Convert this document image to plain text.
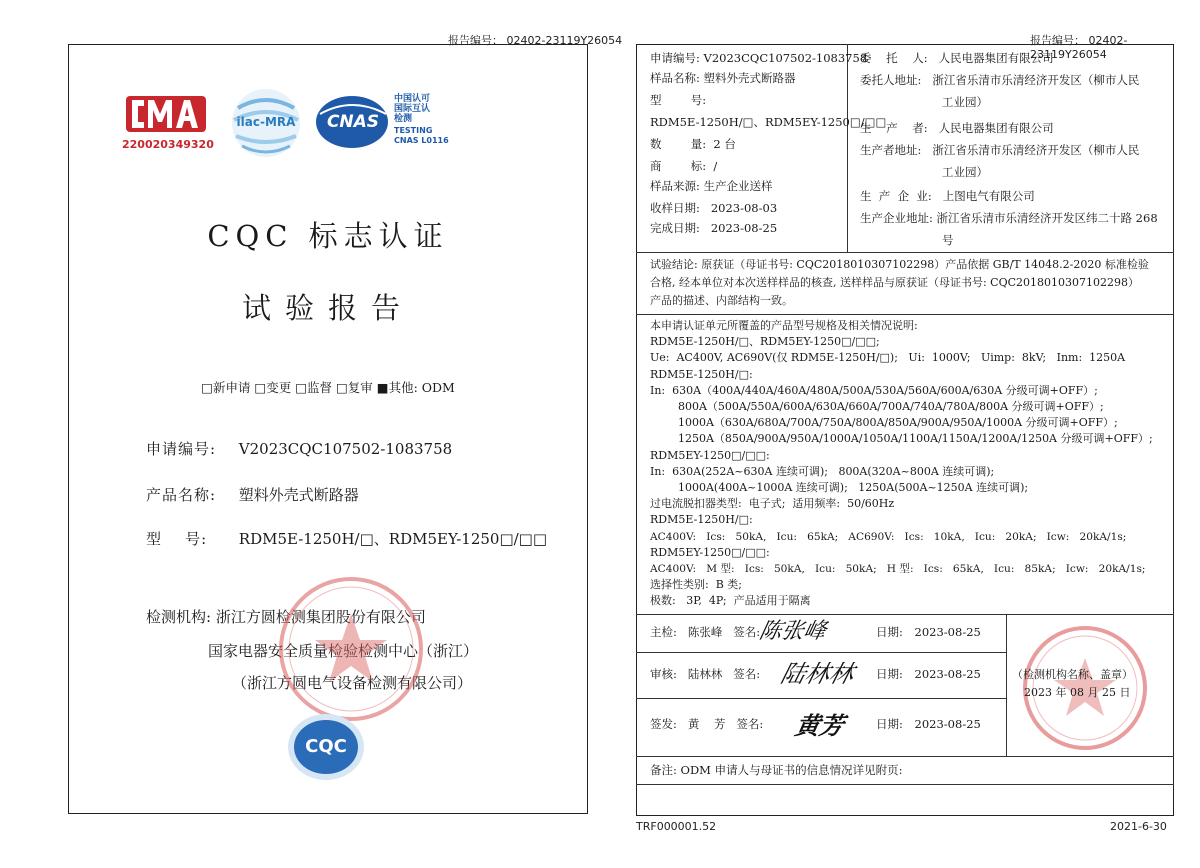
报告编号： 02402-23119Y26054
220020349320
ilac-MRA	CNAS
中国认可
国际互认
检测
TESTING
CNAS L0116
CQC 标志认证
试验报告
□新申请 □变更 □监督 □复审 ■其他: ODM
申请编号: V2023CQC107502-1083758
产品名称: 塑料外壳式断路器
型    号: RDM5E-1250H/□、RDM5EY-1250□/□□
检测机构: 浙江方圆检测集团股份有限公司
国家电器安全质量检验检测中心（浙江）
（浙江方圆电气设备检测有限公司）
CQC
报告编号： 02402-23119Y26054
申请编号: V2023CQC107502-1083758
样品名称: 塑料外壳式断路器
型        号:
RDM5E-1250H/□、RDM5EY-1250□/□□
数        量:  2 台
商        标:  /
样品来源: 生产企业送样
收样日期:   2023-08-03
完成日期:   2023-08-25
委    托    人:   人民电器集团有限公司
委托人地址:   浙江省乐清市乐清经济开发区（柳市人民
工业园）
生    产    者:   人民电器集团有限公司
生产者地址:   浙江省乐清市乐清经济开发区（柳市人民
工业园）
生  产  企  业:   上图电气有限公司
生产企业地址: 浙江省乐清市乐清经济开发区纬二十路 268
号
试验结论: 原获证（母证书号: CQC2018010307102298）产品依据 GB/T 14048.2-2020 标准检验
合格, 经本单位对本次送样样品的核查, 送样样品与原获证（母证书号: CQC2018010307102298）
产品的描述、内部结构一致。
本申请认证单元所覆盖的产品型号规格及相关情况说明:
RDM5E-1250H/□、RDM5EY-1250□/□□;
Ue:  AC400V, AC690V(仅 RDM5E-1250H/□);   Ui:  1000V;   Uimp:  8kV;   Inm:  1250A
RDM5E-1250H/□:
In:  630A（400A/440A/460A/480A/500A/530A/560A/600A/630A 分级可调+OFF）;
800A（500A/550A/600A/630A/660A/700A/740A/780A/800A 分级可调+OFF）;
1000A（630A/680A/700A/750A/800A/850A/900A/950A/1000A 分级可调+OFF）;
1250A（850A/900A/950A/1000A/1050A/1100A/1150A/1200A/1250A 分级可调+OFF）;
RDM5EY-1250□/□□:
In:  630A(252A~630A 连续可调);   800A(320A~800A 连续可调);
1000A(400A~1000A 连续可调);   1250A(500A~1250A 连续可调);
过电流脱扣器类型:  电子式;  适用频率:  50/60Hz
RDM5E-1250H/□:
AC400V:   Ics:   50kA,   Icu:   65kA;   AC690V:   Ics:   10kA,   Icu:   20kA;   Icw:   20kA/1s;
RDM5EY-1250□/□□:
AC400V:   M 型:   Ics:   50kA,   Icu:   50kA;   H 型:   Ics:   65kA,   Icu:   85kA;   Icw:   20kA/1s;
选择性类别:  B 类;
极数:   3P,  4P;  产品适用于隔离
主检:   陈张峰   签名:
陈张峰	日期: 2023-08-25
审核:   陆林林   签名: 陆林林 日期: 2023-08-25
签发:   黄    芳   签名: 黄芳	日期: 2023-08-25
（检测机构名称、盖章）
2023 年 08 月 25 日
备注: ODM 申请人与母证书的信息情况详见附页:
TRF000001.52	2021-6-30
